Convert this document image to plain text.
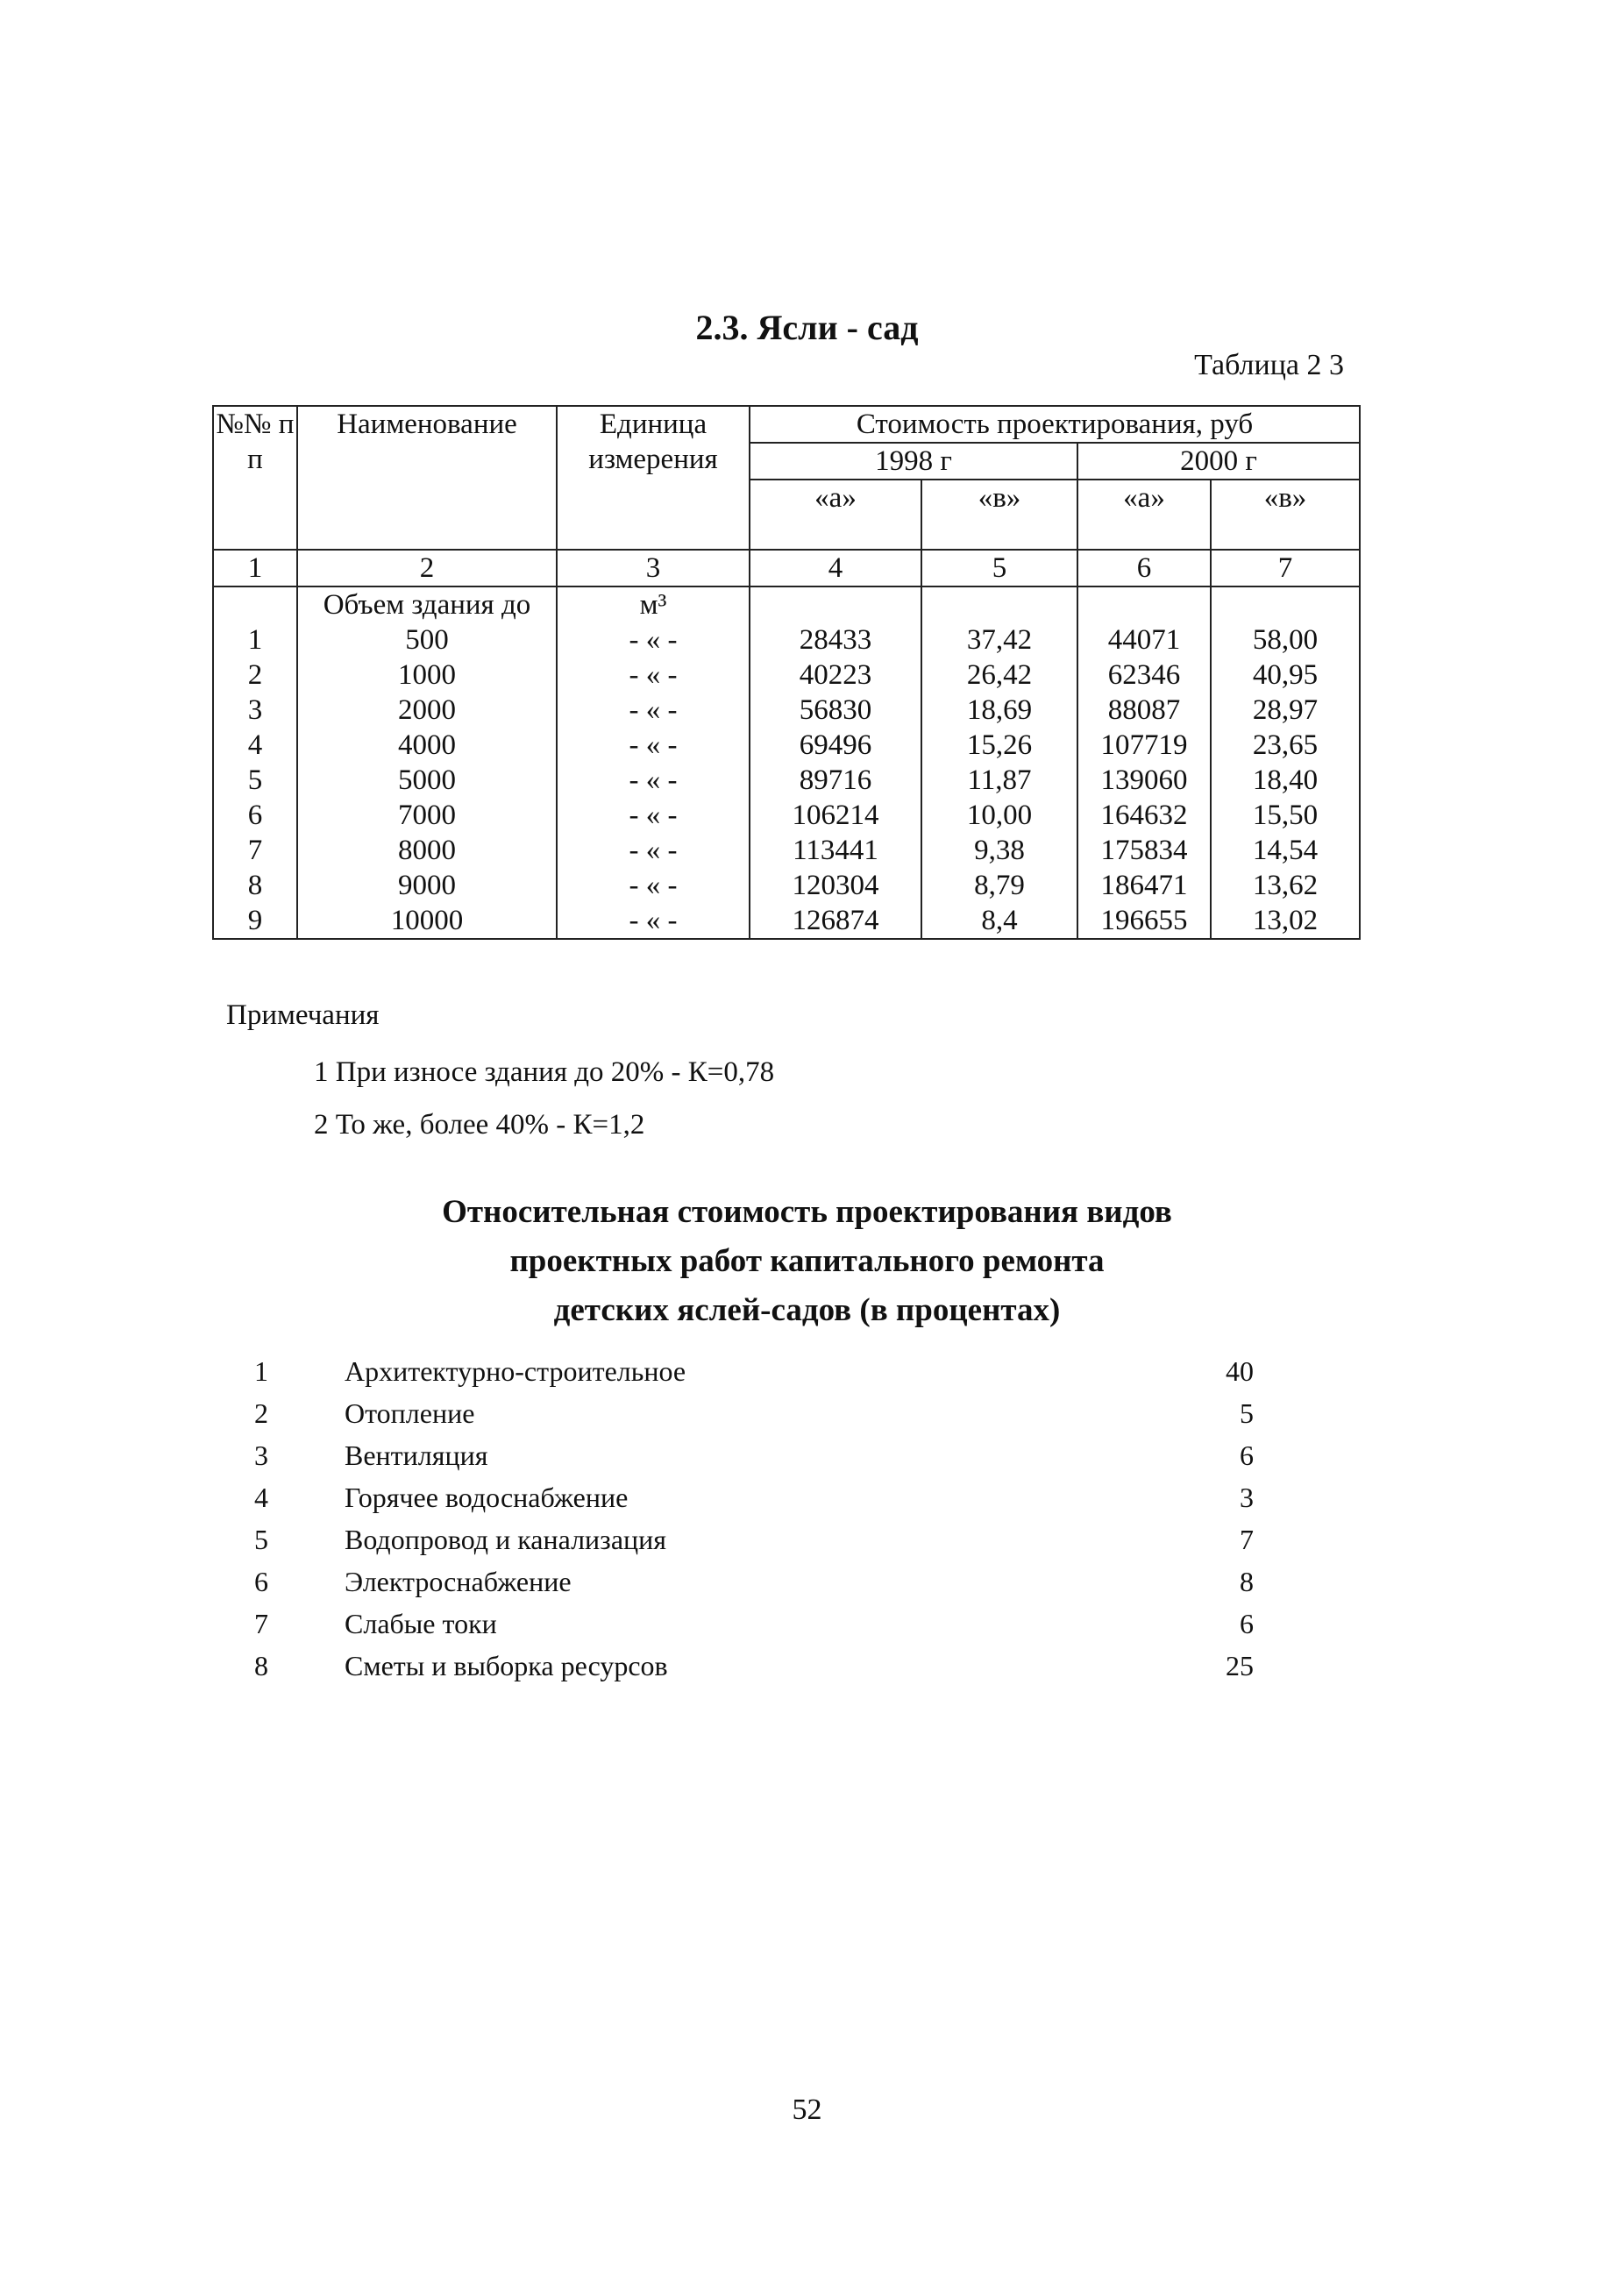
2.3. Ясли - сад
Таблица 2 3
№№ п п	Наименование	Единица измерения	Стоимость проектирования, руб			
			1998 г		2000 г	
			«а»	«в»	«а»	«в»
1	2	3	4	5	6	7
	Объем здания до	м³				
1	500	- « -	28433	37,42	44071	58,00
2	1000	- « -	40223	26,42	62346	40,95
3	2000	- « -	56830	18,69	88087	28,97
4	4000	- « -	69496	15,26	107719	23,65
5	5000	- « -	89716	11,87	139060	18,40
6	7000	- « -	106214	10,00	164632	15,50
7	8000	- « -	113441	9,38	175834	14,54
8	9000	- « -	120304	8,79	186471	13,62
9	10000	- « -	126874	8,4	196655	13,02
Примечания
1 При износе здания до 20% - К=0,78
2 То же, более 40% - К=1,2
Относительная стоимость проектирования видов
проектных работ капитального ремонта
детских яслей-садов (в процентах)
1	Архитектурно-строительное	40
2	Отопление	5
3	Вентиляция	6
4	Горячее водоснабжение	3
5	Водопровод и канализация	7
6	Электроснабжение	8
7	Слабые токи	6
8	Сметы и выборка ресурсов	25
52
